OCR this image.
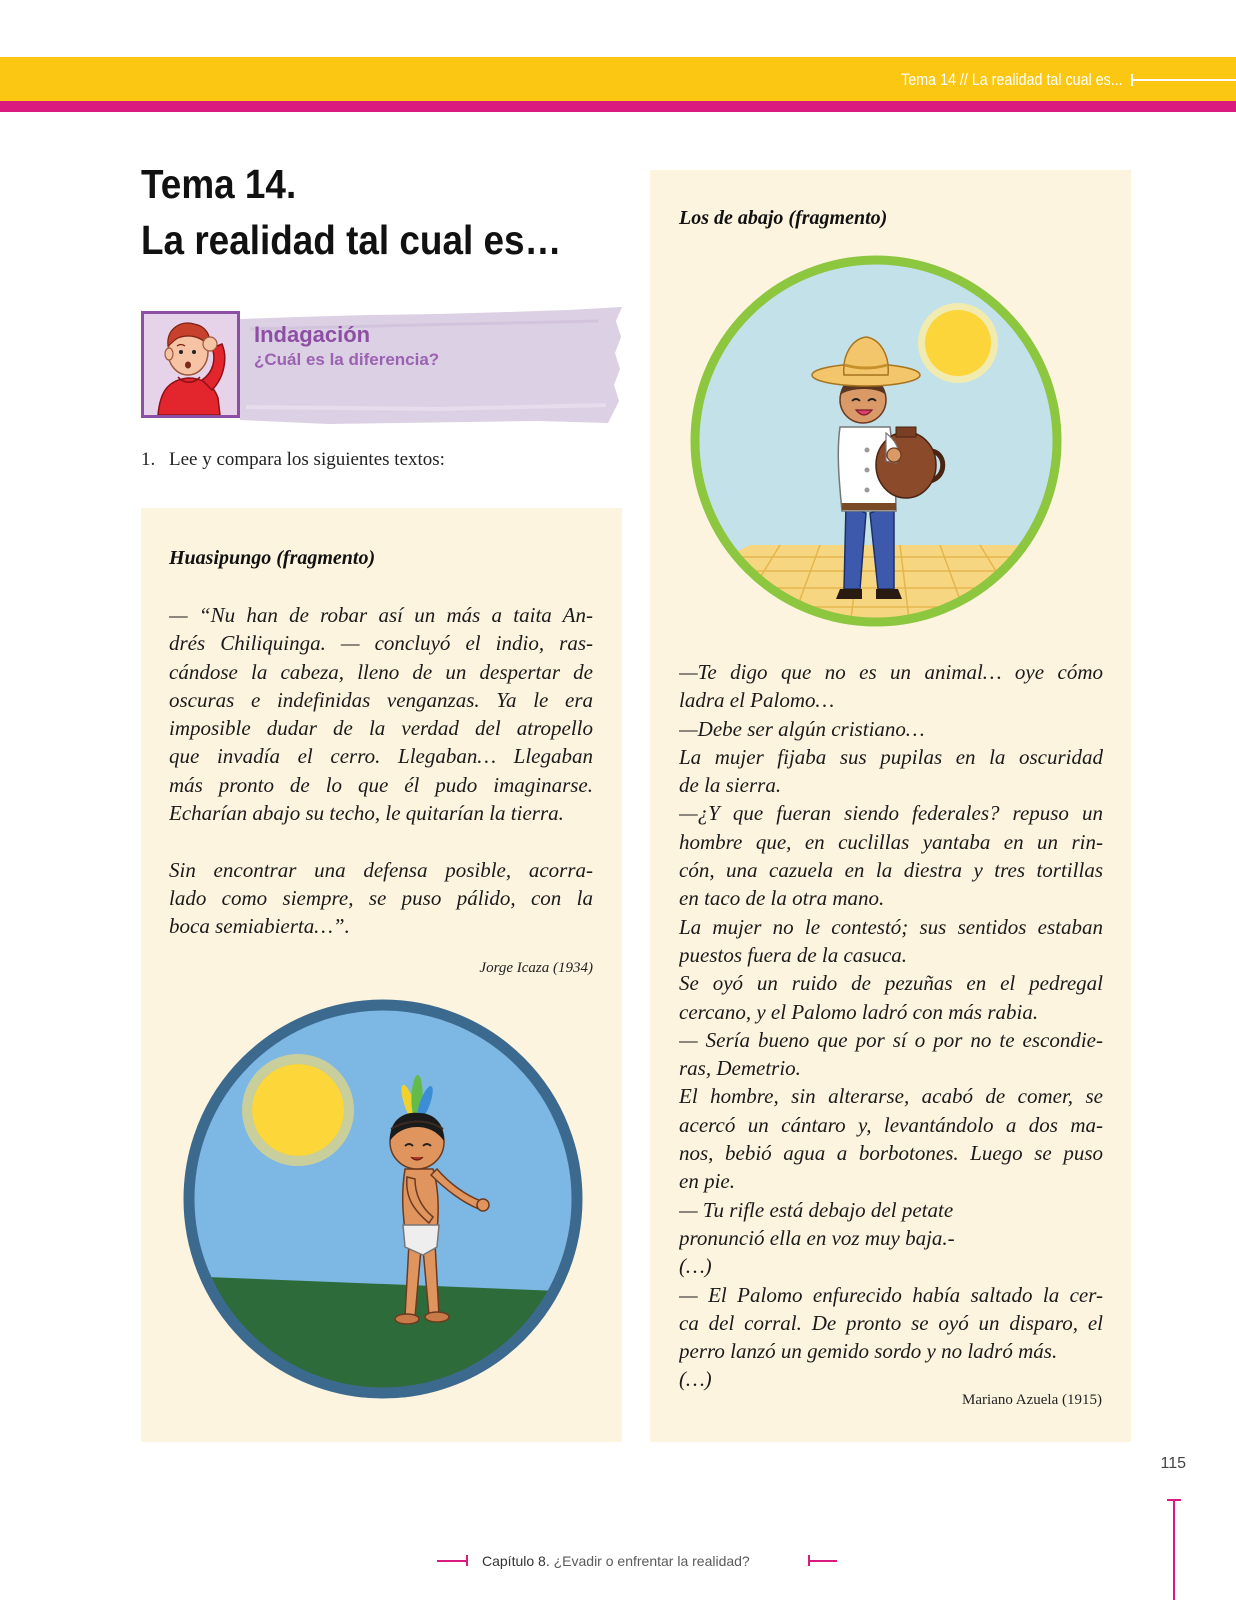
Tema 14 // La realidad tal cual es...
Tema 14.
La realidad tal cual es…
Indagación
¿Cuál es la diferencia?
1. Lee y compara los siguientes textos:
Huasipungo (fragmento)
— “Nu han de robar así un más a taita An-
drés Chiliquinga. — concluyó el indio, ras-
cándose la cabeza, lleno de un despertar de
oscuras e indefinidas venganzas. Ya le era
imposible dudar de la verdad del atropello
que invadía el cerro. Llegaban… Llegaban
más pronto de lo que él pudo imaginarse.
Echarían abajo su techo, le quitarían la tierra.
Sin encontrar una defensa posible, acorra-
lado como siempre, se puso pálido, con la
boca semiabierta…”.
Jorge Icaza (1934)
Los de abajo (fragmento)
—Te digo que no es un animal… oye cómo
ladra el Palomo…
—Debe ser algún cristiano…
La mujer fijaba sus pupilas en la oscuridad
de la sierra.
—¿Y que fueran siendo federales? repuso un
hombre que, en cuclillas yantaba en un rin-
cón, una cazuela en la diestra y tres tortillas
en taco de la otra mano.
La mujer no le contestó; sus sentidos estaban
puestos fuera de la casuca.
Se oyó un ruido de pezuñas en el pedregal
cercano, y el Palomo ladró con más rabia.
— Sería bueno que por sí o por no te escondie-
ras, Demetrio.
El hombre, sin alterarse, acabó de comer, se
acercó un cántaro y, levantándolo a dos ma-
nos, bebió agua a borbotones. Luego se puso
en pie.
— Tu rifle está debajo del petate
pronunció ella en voz muy baja.-
(…)
— El Palomo enfurecido había saltado la cer-
ca del corral. De pronto se oyó un disparo, el
perro lanzó un gemido sordo y no ladró más.
(…)
Mariano Azuela (1915)
115
Capítulo 8. ¿Evadir o enfrentar la realidad?
